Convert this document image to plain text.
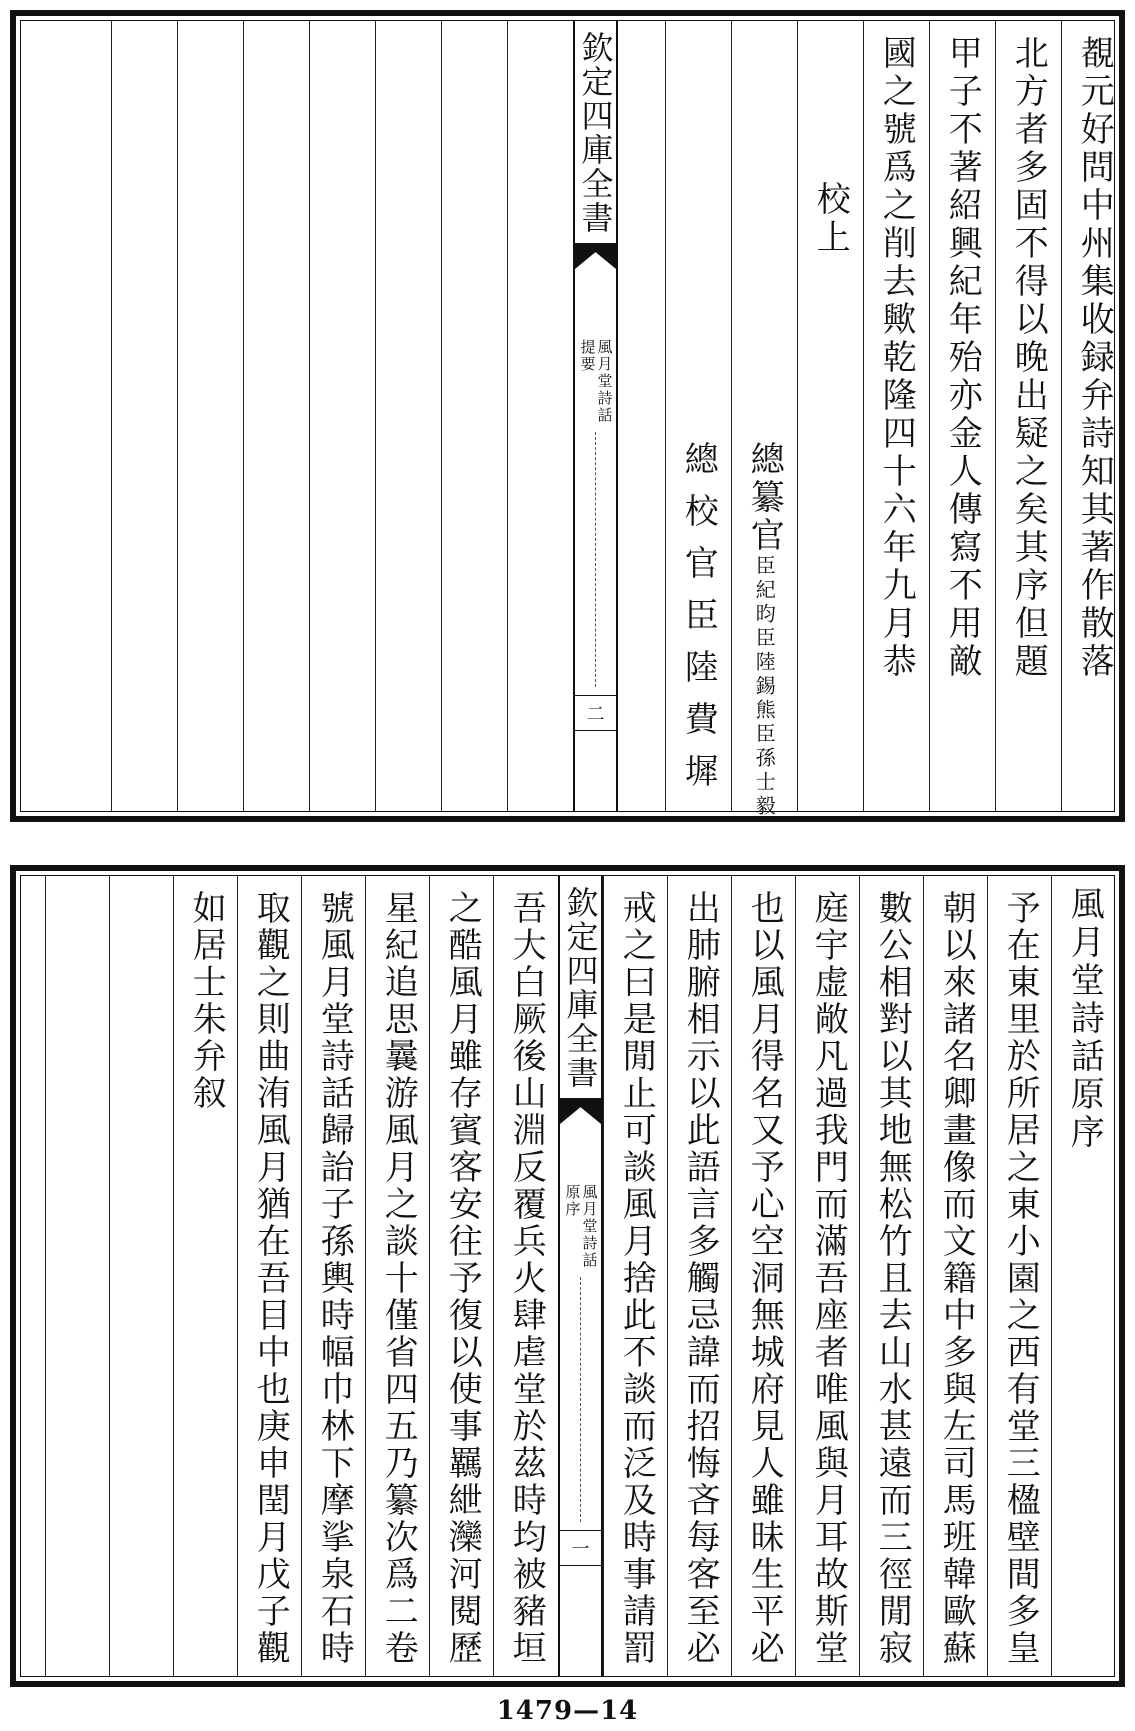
覩元好問中州集收録弁詩知其著作散落
北方者多固不得以晚出疑之矣其序但題
甲子不著紹興紀年殆亦金人傳寫不用敵
國之號爲之削去歟乾隆四十六年九月恭
校上
總纂官臣紀昀臣陸錫熊臣孫士毅
總校官臣陸費墀
欽定四庫全書
風月堂詩話
提要
二
風月堂詩話原序
予在東里於所居之東小園之西有堂三楹壁間多皇
朝以來諸名卿畫像而文籍中多與左司馬班韓歐蘇
數公相對以其地無松竹且去山水甚遠而三徑閒寂
庭宇虚敞凡過我門而滿吾座者唯風與月耳故斯堂
也以風月得名又予心空洞無城府見人雖昧生平必
出肺腑相示以此語言多觸忌諱而招悔吝每客至必
戒之曰是閒止可談風月捨此不談而泛及時事請罰
欽定四庫全書
風月堂詩話
原序
一
吾大白厥後山淵反覆兵火肆虐堂於茲時均被豬垣
之酷風月雖存賓客安往予復以使事羈紲灤河閱歷
星紀追思曩游風月之談十僅省四五乃纂次爲二卷
號風月堂詩話歸詒子孫輿時幅巾林下摩挲泉石時
取觀之則曲洧風月猶在吾目中也庚申閏月戊子觀
如居士朱弁叙
1479—14
